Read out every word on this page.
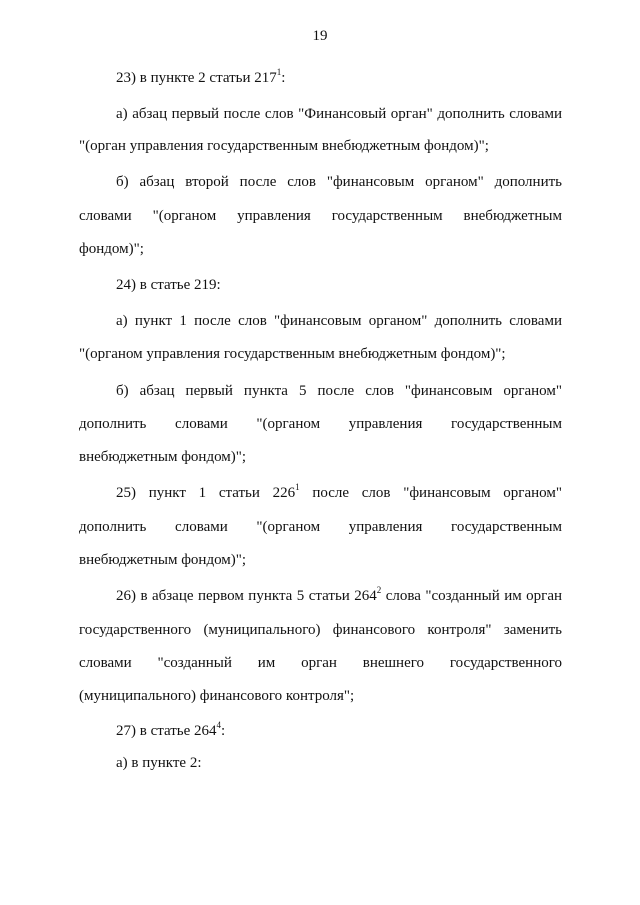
19

23) в пункте 2 статьи $217^1$:

а) абзац первый после слов "Финансовый орган" дополнить словами

"(орган управления государственным внебюджетным фондом)";

б) абзац второй после слов "финансовым органом" дополнить

словами "(органом управления государственным внебюджетным

фондом)";

24) в статье 219:

а) пункт 1 после слов "финансовым органом" дополнить словами

"(органом управления государственным внебюджетным фондом)";

б) абзац первый пункта 5 после слов "финансовым органом"

дополнить словами "(органом управления государственным

внебюджетным фондом)";

25) пункт 1 статьи $226^1$ после слов "финансовым органом"

дополнить словами "(органом управления государственным

внебюджетным фондом)";

26) в абзаце первом пункта 5 статьи $264^2$ слова "созданный им орган

государственного (муниципального) финансового контроля" заменить

словами "созданный им орган внешнего государственного

(муниципального) финансового контроля";

27) в статье $264^4$:

а) в пункте 2:
